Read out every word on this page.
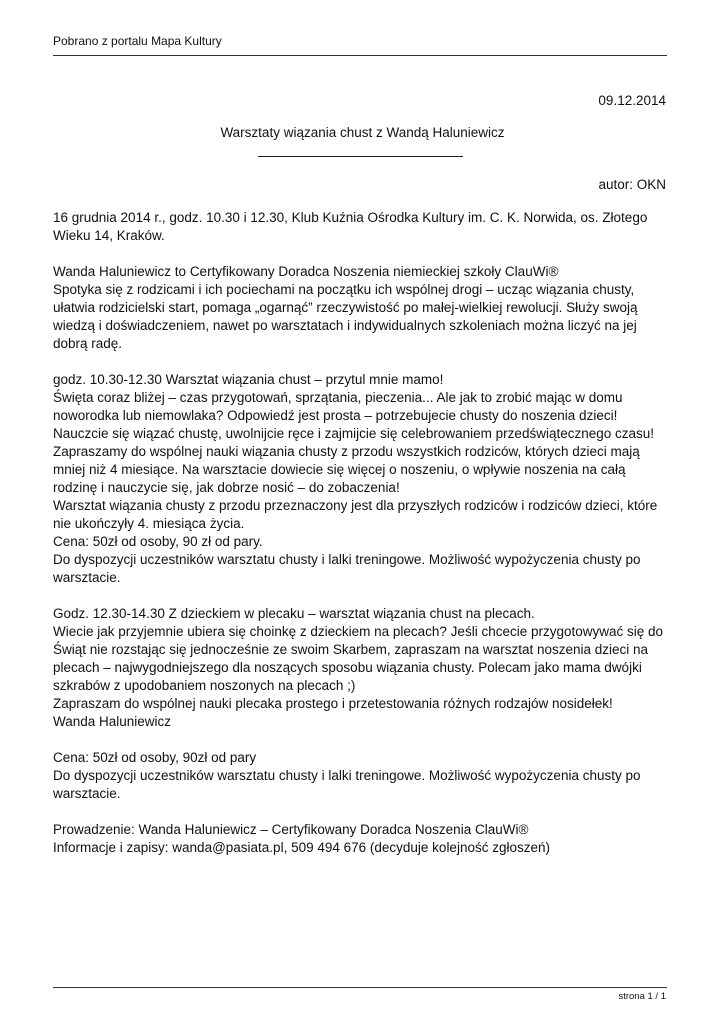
Pobrano z portalu Mapa Kultury
09.12.2014
Warsztaty wiązania chust z Wandą Haluniewicz
autor: OKN

16 grudnia 2014 r., godz. 10.30 i 12.30, Klub Kuźnia Ośrodka Kultury im. C. K. Norwida, os. Złotego Wieku 14, Kraków.

Wanda Haluniewicz to Certyfikowany Doradca Noszenia niemieckiej szkoły ClauWi®
Spotyka się z rodzicami i ich pociechami na początku ich wspólnej drogi – ucząc wiązania chusty, ułatwia rodzicielski start, pomaga „ogarnąć” rzeczywistość po małej-wielkiej rewolucji. Służy swoją wiedzą i doświadczeniem, nawet po warsztatach i indywidualnych szkoleniach można liczyć na jej dobrą radę.

godz. 10.30-12.30 Warsztat wiązania chust – przytul mnie mamo!
Święta coraz bliżej – czas przygotowań, sprzątania, pieczenia... Ale jak to zrobić mając w domu noworodka lub niemowlaka? Odpowiedź jest prosta – potrzebujecie chusty do noszenia dzieci!
Nauczcie się wiązać chustę, uwolnijcie ręce i zajmijcie się celebrowaniem przedświątecznego czasu!
Zapraszamy do wspólnej nauki wiązania chusty z przodu wszystkich rodziców, których dzieci mają mniej niż 4 miesiące. Na warsztacie dowiecie się więcej o noszeniu, o wpływie noszenia na całą rodzinę i nauczycie się, jak dobrze nosić – do zobaczenia!
Warsztat wiązania chusty z przodu przeznaczony jest dla przyszłych rodziców i rodziców dzieci, które nie ukończyły 4. miesiąca życia.
Cena: 50zł od osoby, 90 zł od pary.
Do dyspozycji uczestników warsztatu chusty i lalki treningowe. Możliwość wypożyczenia chusty po warsztacie.

Godz. 12.30-14.30 Z dzieckiem w plecaku – warsztat wiązania chust na plecach.
Wiecie jak przyjemnie ubiera się choinkę z dzieckiem na plecach? Jeśli chcecie przygotowywać się do Świąt nie rozstając się jednocześnie ze swoim Skarbem, zapraszam na warsztat noszenia dzieci na plecach – najwygodniejszego dla noszących sposobu wiązania chusty. Polecam jako mama dwójki szkrabów z upodobaniem noszonych na plecach ;)
Zapraszam do wspólnej nauki plecaka prostego i przetestowania różnych rodzajów nosidełek!
Wanda Haluniewicz

Cena: 50zł od osoby, 90zł od pary
Do dyspozycji uczestników warsztatu chusty i lalki treningowe. Możliwość wypożyczenia chusty po warsztacie.

Prowadzenie: Wanda Haluniewicz – Certyfikowany Doradca Noszenia ClauWi®
Informacje i zapisy: wanda@pasiata.pl, 509 494 676 (decyduje kolejność zgłoszeń)

strona 1 / 1
